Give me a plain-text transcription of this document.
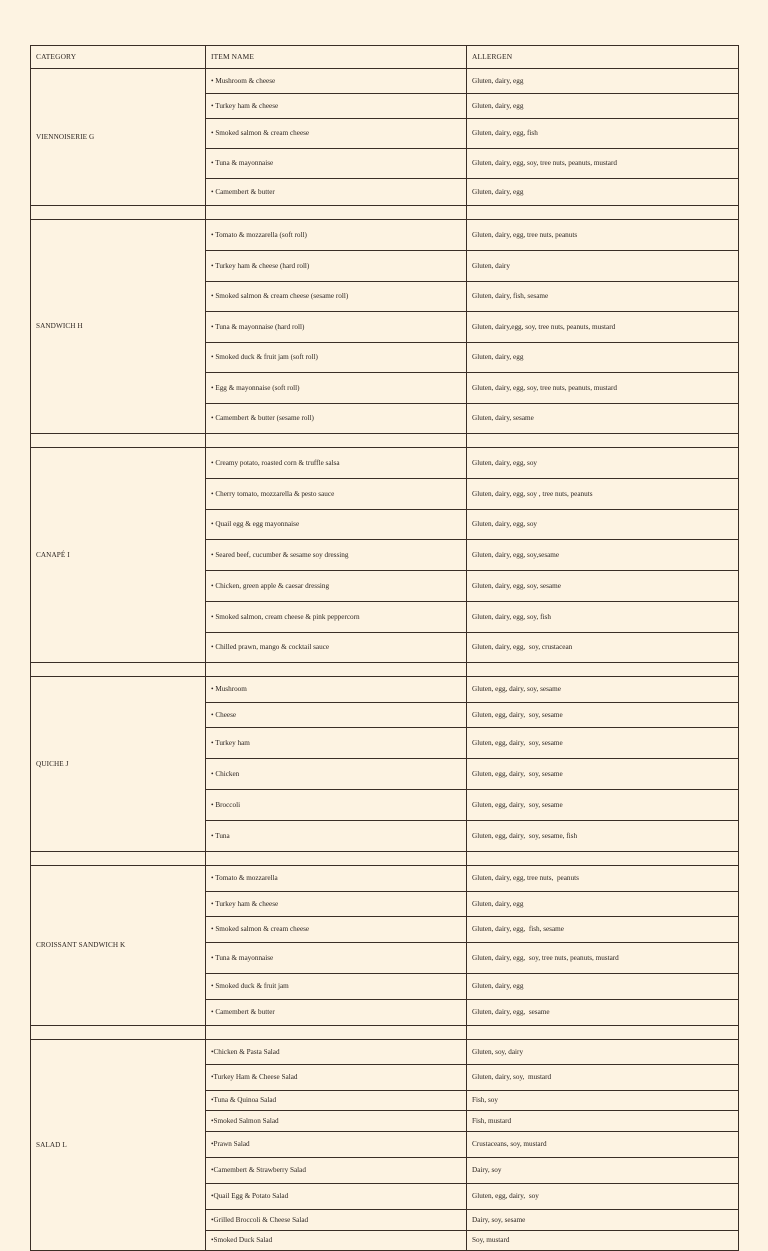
CATEGORY	ITEM NAME	ALLERGEN
VIENNOISERIE G	• Mushroom & cheese	Gluten, dairy, egg
	• Turkey ham & cheese	Gluten, dairy, egg
	• Smoked salmon & cream cheese	Gluten, dairy, egg, fish
	• Tuna & mayonnaise	Gluten, dairy, egg, soy, tree nuts, peanuts, mustard
	• Camembert & butter	Gluten, dairy, egg

SANDWICH H	• Tomato & mozzarella (soft roll)	Gluten, dairy, egg, tree nuts, peanuts
	• Turkey ham & cheese (hard roll)	Gluten, dairy
	• Smoked salmon & cream cheese (sesame roll)	Gluten, dairy, fish, sesame
	• Tuna & mayonnaise (hard roll)	Gluten, dairy,egg, soy, tree nuts, peanuts, mustard
	• Smoked duck & fruit jam (soft roll)	Gluten, dairy, egg
	• Egg & mayonnaise (soft roll)	Gluten, dairy, egg, soy, tree nuts, peanuts, mustard
	• Camembert & butter (sesame roll)	Gluten, dairy, sesame

CANAPÉ I	• Creamy potato, roasted corn & truffle salsa	Gluten, dairy, egg, soy
	• Cherry tomato, mozzarella & pesto sauce	Gluten, dairy, egg, soy , tree nuts, peanuts
	• Quail egg & egg mayonnaise	Gluten, dairy, egg, soy
	• Seared beef, cucumber & sesame soy dressing	Gluten, dairy, egg, soy,sesame
	• Chicken, green apple & caesar dressing	Gluten, dairy, egg, soy, sesame
	• Smoked salmon, cream cheese & pink peppercorn	Gluten, dairy, egg, soy, fish
	• Chilled prawn, mango & cocktail sauce	Gluten, dairy, egg,  soy, crustacean

QUICHE J	• Mushroom	Gluten, egg, dairy, soy, sesame
	• Cheese	Gluten, egg, dairy,  soy, sesame
	• Turkey ham	Gluten, egg, dairy,  soy, sesame
	• Chicken	Gluten, egg, dairy,  soy, sesame
	• Broccoli	Gluten, egg, dairy,  soy, sesame
	• Tuna	Gluten, egg, dairy,  soy, sesame, fish

CROISSANT SANDWICH K	• Tomato & mozzarella	Gluten, dairy, egg, tree nuts,  peanuts
	• Turkey ham & cheese	Gluten, dairy, egg
	• Smoked salmon & cream cheese	Gluten, dairy, egg,  fish, sesame
	• Tuna & mayonnaise	Gluten, dairy, egg,  soy, tree nuts, peanuts, mustard
	• Smoked duck & fruit jam	Gluten, dairy, egg
	• Camembert & butter	Gluten, dairy, egg,  sesame

SALAD L	•Chicken & Pasta Salad	Gluten, soy, dairy
	•Turkey Ham & Cheese Salad	Gluten, dairy, soy,  mustard
	•Tuna & Quinoa Salad	Fish, soy
	•Smoked Salmon Salad	Fish, mustard
	•Prawn Salad	Crustaceans, soy, mustard
	•Camembert & Strawberry Salad	Dairy, soy
	•Quail Egg & Potato Salad	Gluten, egg, dairy,  soy
	•Grilled Broccoli & Cheese Salad	Dairy, soy, sesame
	•Smoked Duck Salad	Soy, mustard
